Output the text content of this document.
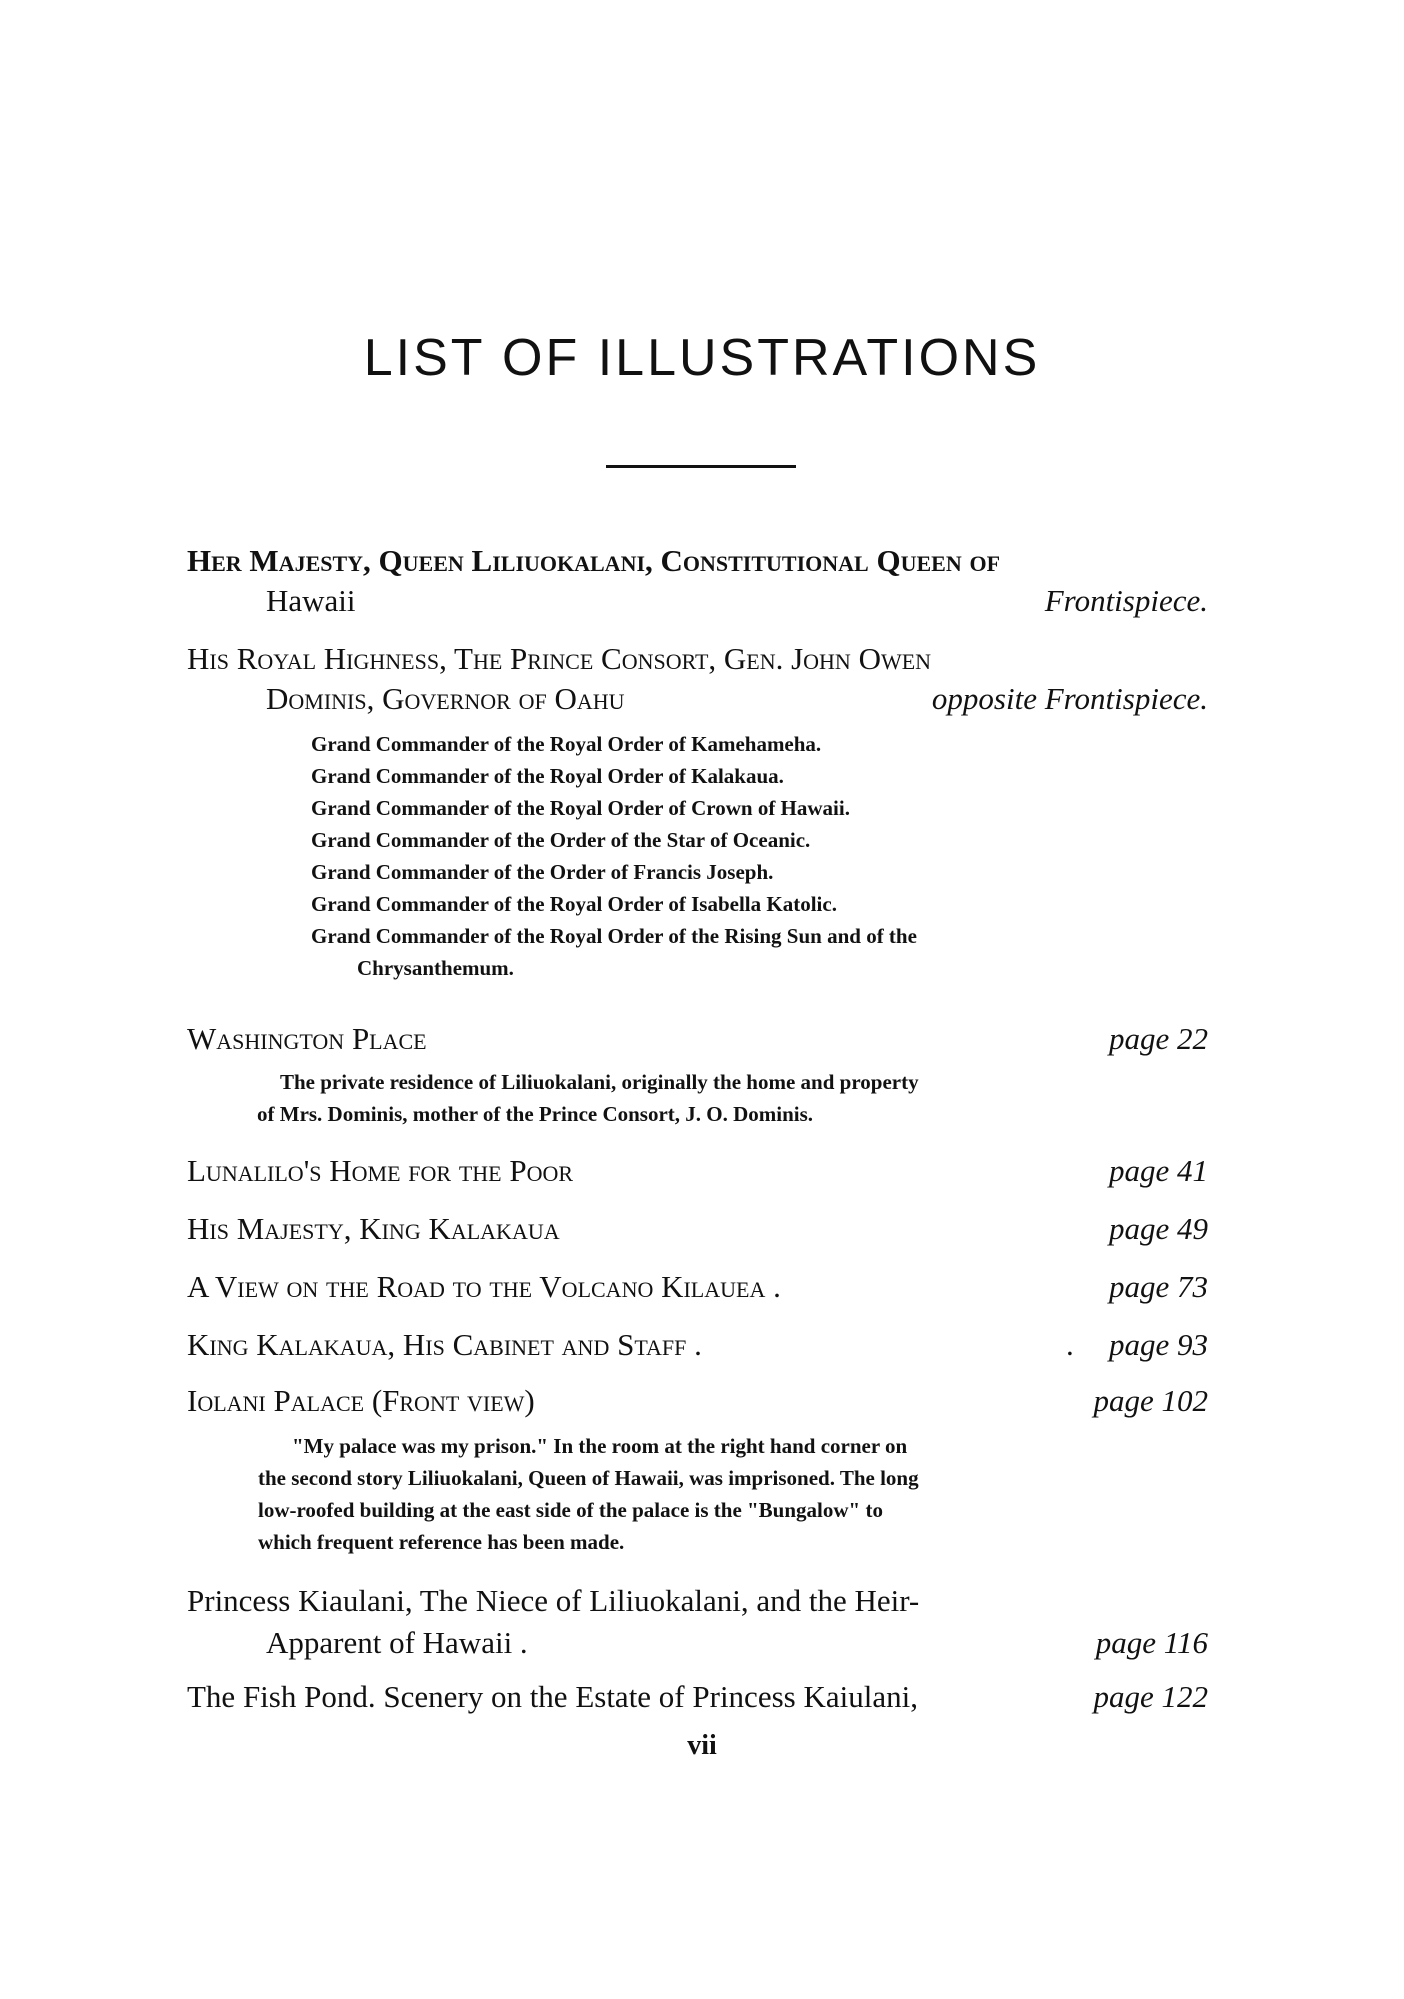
LIST OF ILLUSTRATIONS
Her Majesty, Queen Liliuokalani, Constitutional Queen of
Hawaii	Frontispiece.
His Royal Highness, The Prince Consort, Gen. John Owen
Dominis, Governor of Oahu	opposite Frontispiece.
Grand Commander of the Royal Order of Kamehameha.
Grand Commander of the Royal Order of Kalakaua.
Grand Commander of the Royal Order of Crown of Hawaii.
Grand Commander of the Order of the Star of Oceanic.
Grand Commander of the Order of Francis Joseph.
Grand Commander of the Royal Order of Isabella Katolic.
Grand Commander of the Royal Order of the Rising Sun and of the
Chrysanthemum.
Washington Place	page 22
The private residence of Liliuokalani, originally the home and property
of Mrs. Dominis, mother of the Prince Consort, J. O. Dominis.
Lunalilo's Home for the Poor	page 41
His Majesty, King Kalakaua	page 49
A View on the Road to the Volcano Kilauea .	page 73
King Kalakaua, His Cabinet and Staff .	. page 93
Iolani Palace (Front view)	page 102
"My palace was my prison." In the room at the right hand corner on
the second story Liliuokalani, Queen of Hawaii, was imprisoned. The long
low-roofed building at the east side of the palace is the "Bungalow" to
which frequent reference has been made.
Princess Kiaulani, The Niece of Liliuokalani, and the Heir-
Apparent of Hawaii .	page 116
The Fish Pond. Scenery on the Estate of Princess Kaiulani,	page 122
vii
